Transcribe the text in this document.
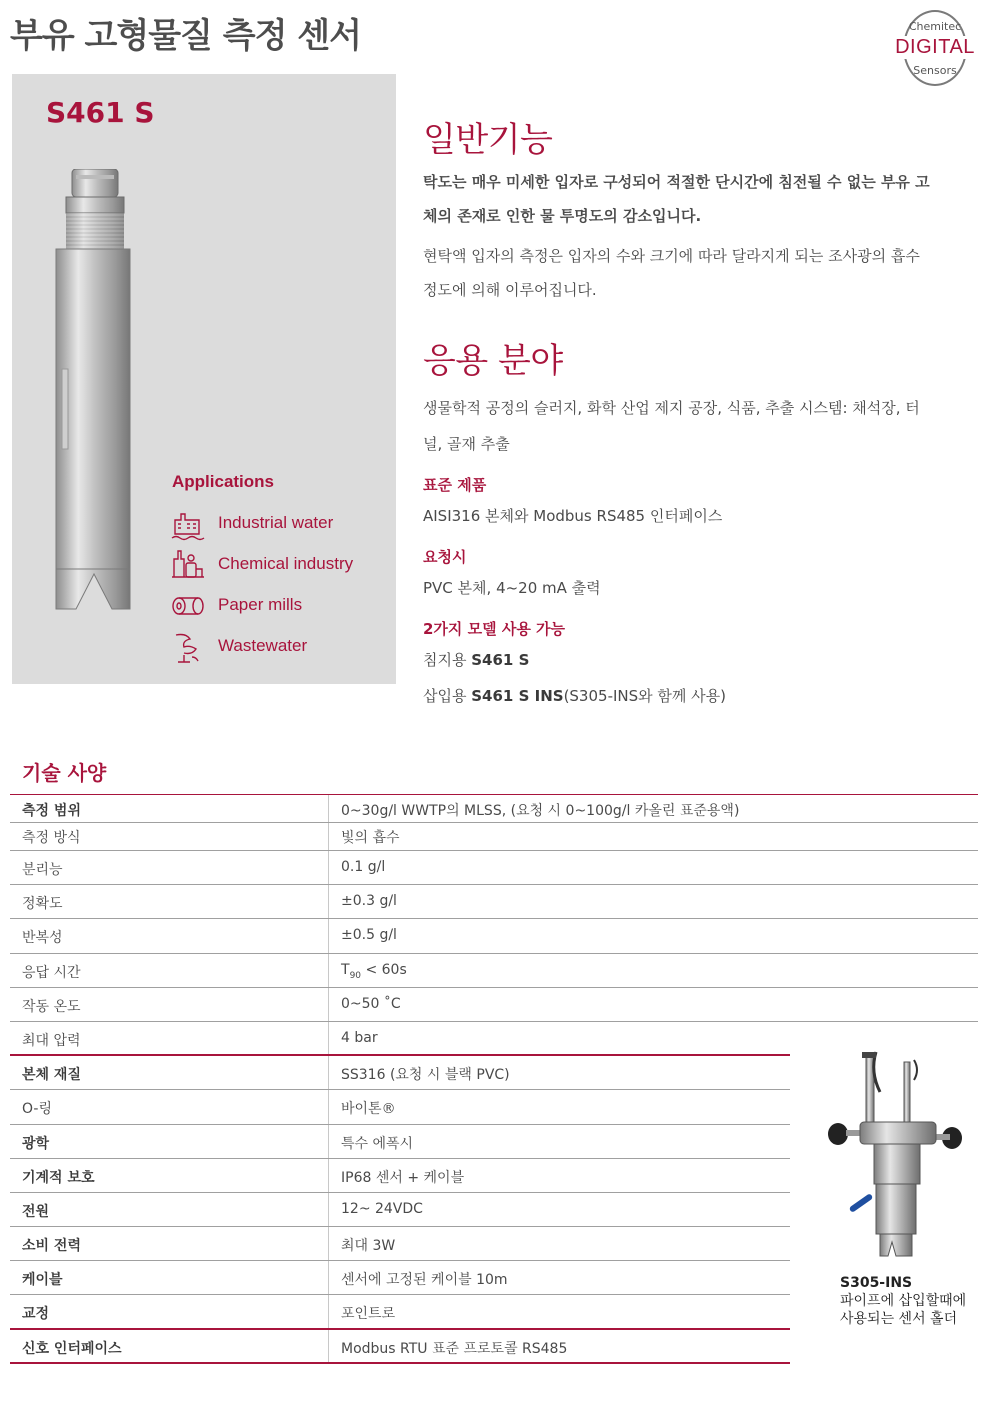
부유 고형물질 측정 센서	Chemitec
DIGITAL
Sensors
S461 S
Applications
Industrial water
Chemical industry
Paper mills
Wastewater
일반기능
탁도는 매우 미세한 입자로 구성되어 적절한 단시간에 침전될 수 없는 부유 고
체의 존재로 인한 물 투명도의 감소입니다.
현탁액 입자의 측정은 입자의 수와 크기에 따라 달라지게 되는 조사광의 흡수
정도에 의해 이루어집니다.
응용 분야
생물학적 공정의 슬러지, 화학 산업 제지 공장, 식품, 추출 시스템: 채석장, 터
널, 골재 추출
표준 제품
AISI316 본체와 Modbus RS485 인터페이스
요청시
PVC 본체, 4~20 mA 출력
2가지 모델 사용 가능
침지용 S461 S
삽입용 S461 S INS(S305-INS와 함께 사용)
기술 사양
측정 범위	0~30g/l WWTP의 MLSS, (요청 시 0~100g/l 카올린 표준용액)
측정 방식	빛의 흡수
분리능	0.1 g/l
정확도	±0.3 g/l
반복성	±0.5 g/l
응답 시간	$T_{90} < 60s$
작동 온도	0~50 ˚C
최대 압력	4 bar
본체 재질	SS316 (요청 시 블랙 PVC)
O-링	바이톤®
광학	특수 에폭시
기계적 보호	IP68 센서 + 케이블
전원	12~ 24VDC
소비 전력	최대 3W
케이블	센서에 고정된 케이블 10m
교정	포인트로
신호 인터페이스	Modbus RTU 표준 프로토콜 RS485
S305-INS
파이프에 삽입할때에
사용되는 센서 홀더
